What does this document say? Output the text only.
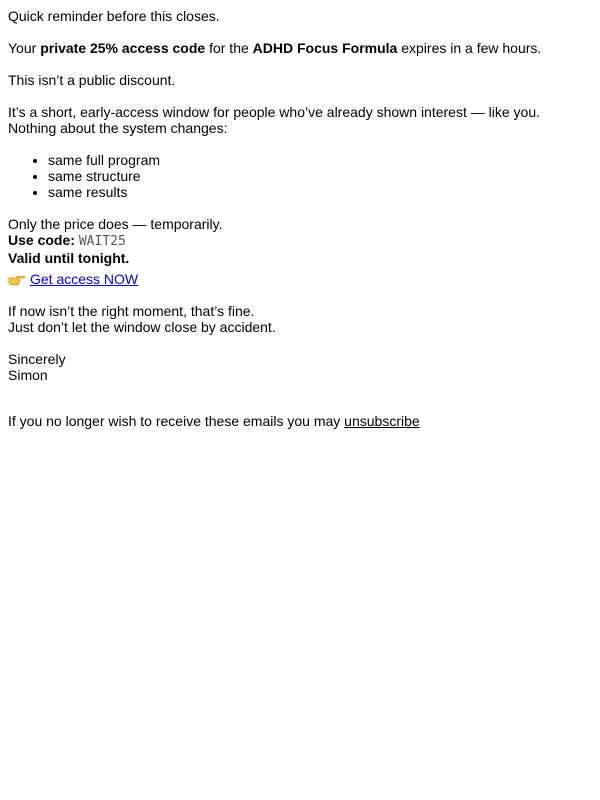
Quick reminder before this closes.

Your private 25% access code for the ADHD Focus Formula expires in a few hours.

This isn’t a public discount.

It’s a short, early-access window for people who’ve already shown interest — like you.
Nothing about the system changes:

• same full program
• same structure
• same results

Only the price does — temporarily.
Use code: WAIT25
Valid until tonight.

Get access NOW

If now isn’t the right moment, that’s fine.
Just don’t let the window close by accident.

Sincerely
Simon

If you no longer wish to receive these emails you may unsubscribe
